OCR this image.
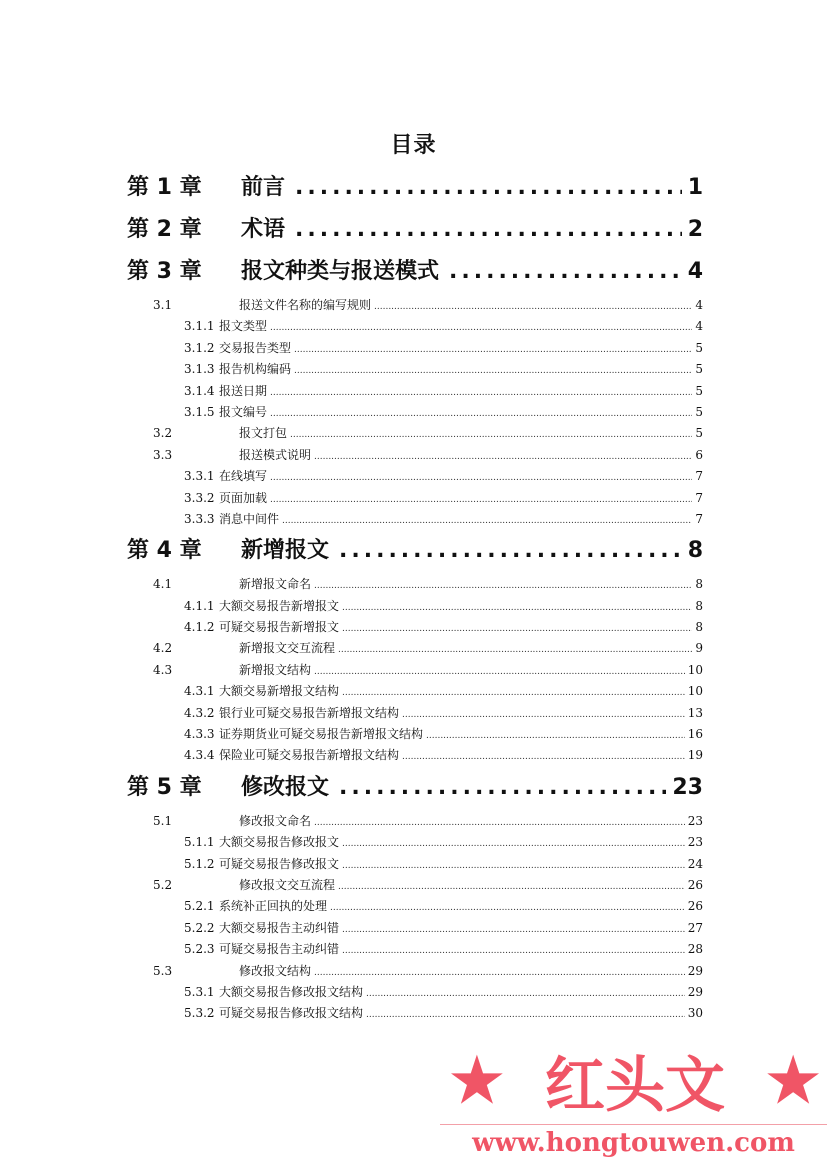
目录
第 1 章	前言 .....	1
第 2 章	术语 .....	2
第 3 章	报文种类与报送模式 .....	4
3.1	报送文件名称的编写规则 .....	4
3.1.1 报文类型 .....	4
3.1.2 交易报告类型 .....	5
3.1.3 报告机构编码 .....	5
3.1.4 报送日期 .....	5
3.1.5 报文编号 .....	5
3.2	报文打包 .....	5
3.3	报送模式说明 .....	6
3.3.1 在线填写 .....	7
3.3.2 页面加载 .....	7
3.3.3 消息中间件 .....	7
第 4 章	新增报文 .....	8
4.1	新增报文命名 .....	8
4.1.1 大额交易报告新增报文 .....	8
4.1.2 可疑交易报告新增报文 .....	8
4.2	新增报文交互流程 .....	9
4.3	新增报文结构 .....	10
4.3.1 大额交易新增报文结构 .....	10
4.3.2 银行业可疑交易报告新增报文结构 .....	13
4.3.3 证券期货业可疑交易报告新增报文结构 .....	16
4.3.4 保险业可疑交易报告新增报文结构 .....	19
第 5 章	修改报文 .....	23
5.1	修改报文命名 .....	23
5.1.1 大额交易报告修改报文 .....	23
5.1.2 可疑交易报告修改报文 .....	24
5.2	修改报文交互流程 .....	26
5.2.1 系统补正回执的处理 .....	26
5.2.2 大额交易报告主动纠错 .....	27
5.2.3 可疑交易报告主动纠错 .....	28
5.3	修改报文结构 .....	29
5.3.1 大额交易报告修改报文结构 .....	29
5.3.2 可疑交易报告修改报文结构 .....	30
★ 红头文 ★
www.hongtouwen.com
